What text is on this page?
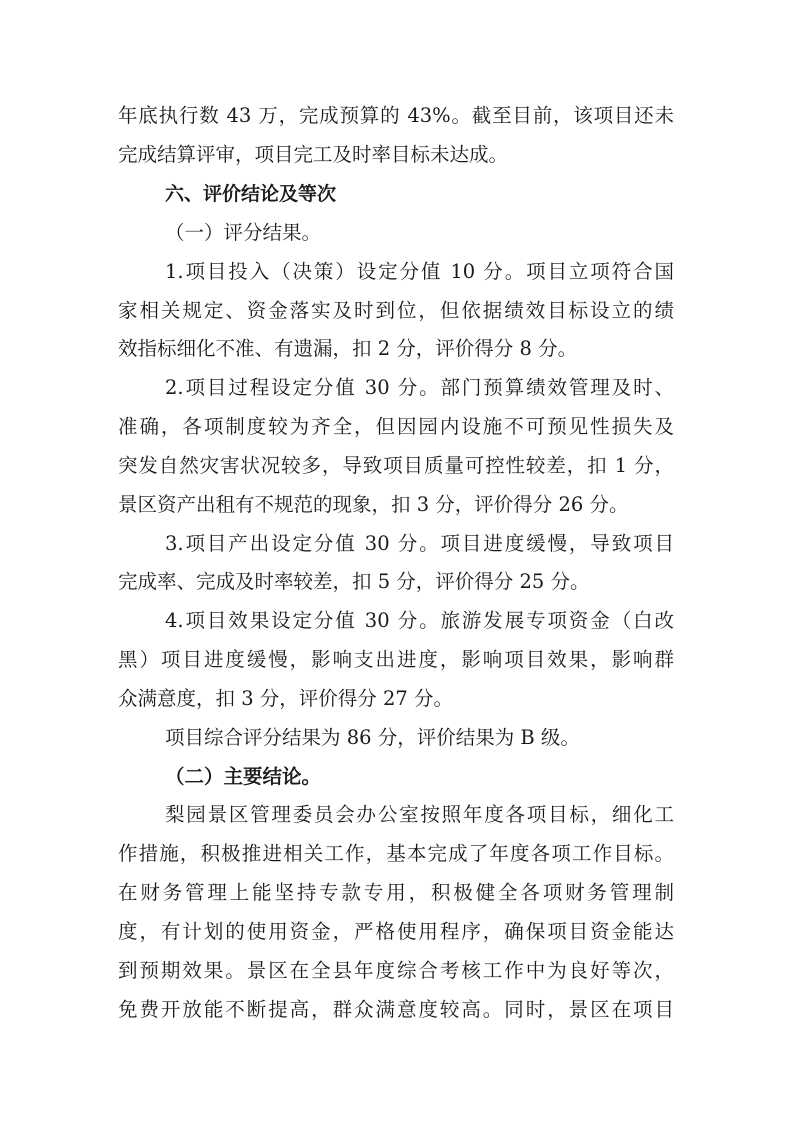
年底执行数 43 万，完成预算的 43%。截至目前，该项目还未
完成结算评审，项目完工及时率目标未达成。
六、评价结论及等次
（一）评分结果。
1.项目投入（决策）设定分值 10 分。项目立项符合国
家相关规定、资金落实及时到位，但依据绩效目标设立的绩
效指标细化不准、有遗漏，扣 2 分，评价得分 8 分。
2.项目过程设定分值 30 分。部门预算绩效管理及时、
准确，各项制度较为齐全，但因园内设施不可预见性损失及
突发自然灾害状况较多，导致项目质量可控性较差，扣 1 分，
景区资产出租有不规范的现象，扣 3 分，评价得分 26 分。
3.项目产出设定分值 30 分。项目进度缓慢，导致项目
完成率、完成及时率较差，扣 5 分，评价得分 25 分。
4.项目效果设定分值 30 分。旅游发展专项资金（白改
黑）项目进度缓慢，影响支出进度，影响项目效果，影响群
众满意度，扣 3 分，评价得分 27 分。
项目综合评分结果为 86 分，评价结果为 B 级。
（二）主要结论。
梨园景区管理委员会办公室按照年度各项目标，细化工
作措施，积极推进相关工作，基本完成了年度各项工作目标。
在财务管理上能坚持专款专用，积极健全各项财务管理制
度，有计划的使用资金，严格使用程序，确保项目资金能达
到预期效果。景区在全县年度综合考核工作中为良好等次，
免费开放能不断提高，群众满意度较高。同时，景区在项目
